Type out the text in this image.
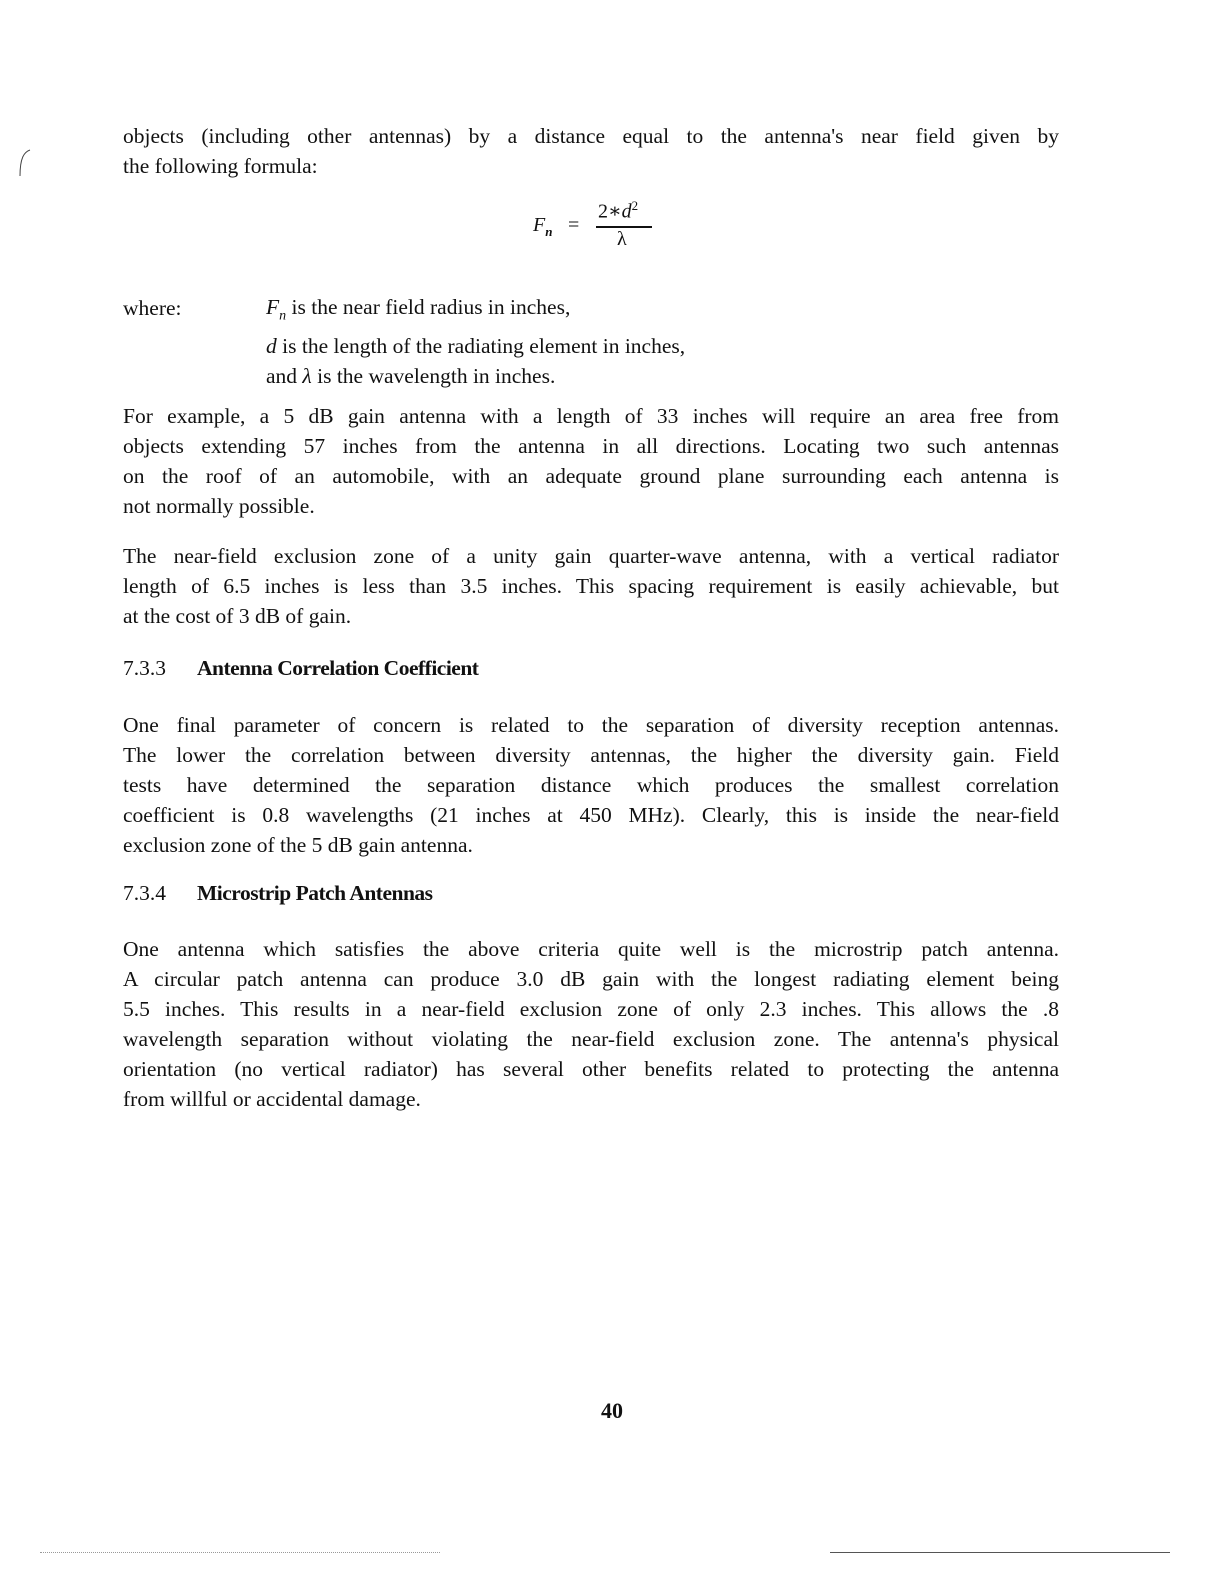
objects (including other antennas) by a distance equal to the antenna's near field given by
the following formula:

$F_n$ =
$2∗d^2$
λ
where:	$F_n$ is the near field radius in inches,
d is the length of the radiating element in inches,
and λ is the wavelength in inches.

For example, a 5 dB gain antenna with a length of 33 inches will require an area free from
objects extending 57 inches from the antenna in all directions. Locating two such antennas
on the roof of an automobile, with an adequate ground plane surrounding each antenna is
not normally possible.

The near-field exclusion zone of a unity gain quarter-wave antenna, with a vertical radiator
length of 6.5 inches is less than 3.5 inches. This spacing requirement is easily achievable, but
at the cost of 3 dB of gain.

7.3.3 Antenna Correlation Coefficient

One final parameter of concern is related to the separation of diversity reception antennas.
The lower the correlation between diversity antennas, the higher the diversity gain. Field
tests have determined the separation distance which produces the smallest correlation
coefficient is 0.8 wavelengths (21 inches at 450 MHz). Clearly, this is inside the near-field
exclusion zone of the 5 dB gain antenna.

7.3.4 Microstrip Patch Antennas

One antenna which satisfies the above criteria quite well is the microstrip patch antenna.
A circular patch antenna can produce 3.0 dB gain with the longest radiating element being
5.5 inches. This results in a near-field exclusion zone of only 2.3 inches. This allows the .8
wavelength separation without violating the near-field exclusion zone. The antenna's physical
orientation (no vertical radiator) has several other benefits related to protecting the antenna
from willful or accidental damage.

40
